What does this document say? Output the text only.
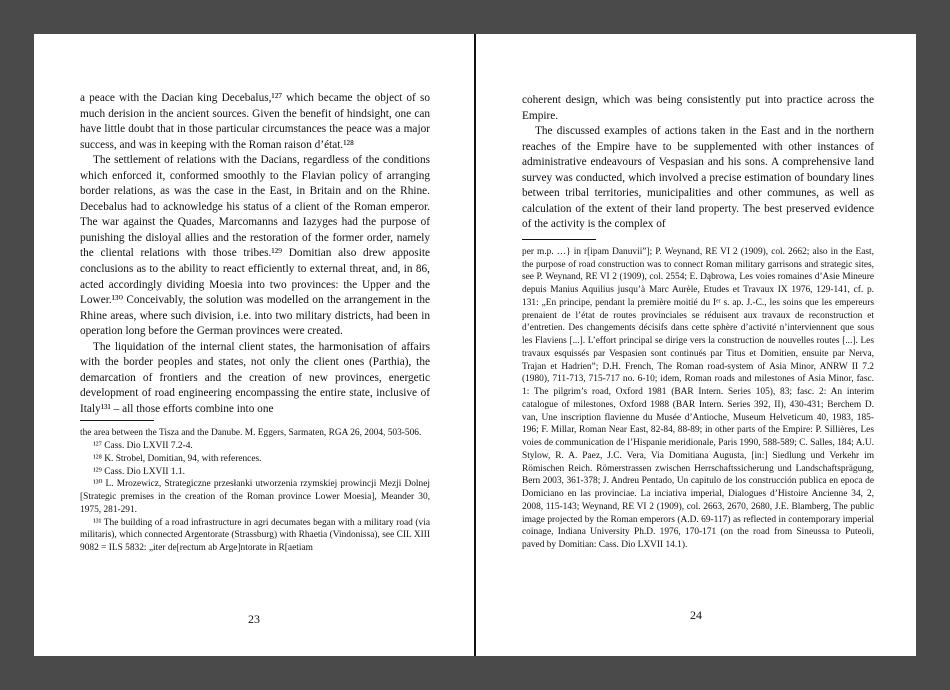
a peace with the Dacian king Decebalus,¹²⁷ which became the object of so much derision in the ancient sources. Given the benefit of hindsight, one can have little doubt that in those particular circumstances the peace was a major success, and was in keeping with the Roman raison d’état.¹²⁸

The settlement of relations with the Dacians, regardless of the conditions which enforced it, conformed smoothly to the Flavian policy of arranging border relations, as was the case in the East, in Britain and on the Rhine. Decebalus had to acknowledge his status of a client of the Roman emperor. The war against the Quades, Marcomanns and Iazyges had the purpose of punishing the disloyal allies and the restoration of the former order, namely the cliental relations with those tribes.¹²⁹ Domitian also drew apposite conclusions as to the ability to react efficiently to external threat, and, in 86, acted accordingly dividing Moesia into two provinces: the Upper and the Lower.¹³⁰ Conceivably, the solution was modelled on the arrangement in the Rhine areas, where such division, i.e. into two military districts, had been in operation long before the German provinces were created.

The liquidation of the internal client states, the harmonisation of affairs with the border peoples and states, not only the client ones (Parthia), the demarcation of frontiers and the creation of new provinces, energetic development of road engineering encompassing the entire state, inclusive of Italy¹³¹ – all those efforts combine into one

the area between the Tisza and the Danube. M. Eggers, Sarmaten, RGA 26, 2004, 503-506.

¹²⁷ Cass. Dio LXVII 7.2-4.

¹²⁸ K. Strobel, Domitian, 94, with references.

¹²⁹ Cass. Dio LXVII 1.1.

¹³⁰ L. Mrozewicz, Strategiczne przesłanki utworzenia rzymskiej prowincji Mezji Dolnej [Strategic premises in the creation of the Roman province Lower Moesia], Meander 30, 1975, 281-291.

¹³¹ The building of a road infrastructure in agri decumates began with a military road (via militaris), which connected Argentorate (Strassburg) with Rhaetia (Vindonissa), see CIL XIII 9082 = ILS 5832: „iter de[rectum ab Arge]ntorate in R[aetiam

23

coherent design, which was being consistently put into practice across the Empire.

The discussed examples of actions taken in the East and in the northern reaches of the Empire have to be supplemented with other instances of administrative endeavours of Vespasian and his sons. A comprehensive land survey was conducted, which involved a precise estimation of boundary lines between tribal territories, municipalities and other communes, as well as calculation of the extent of their land property. The best preserved evidence of the activity is the complex of

per m.p. …} in r[ipam Danuvii”]; P. Weynand, RE VI 2 (1909), col. 2662; also in the East, the purpose of road construction was to connect Roman military garrisons and strategic sites, see P. Weynand, RE VI 2 (1909), col. 2554; E. Dąbrowa, Les voies romaines d’Asie Mineure depuis Manius Aquilius jusqu’à Marc Aurèle, Etudes et Travaux IX 1976, 129-141, cf. p. 131: „En principe, pendant la première moitié du Iᵉʳ s. ap. J.-C., les soins que les empereurs prenaient de l’état de routes provinciales se réduisent aux travaux de reconstruction et d’entretien. Des changements décisifs dans cette sphère d’activité n’interviennent que sous les Flaviens [...]. L’effort principal se dirige vers la construction de nouvelles routes [...]. Les travaux esquissés par Vespasien sont continués par Titus et Domitien, ensuite par Nerva, Trajan et Hadrien”; D.H. French, The Roman road-system of Asia Minor, ANRW II 7.2 (1980), 711-713, 715-717 no. 6-10; idem, Roman roads and milestones of Asia Minor, fasc. 1: The pilgrim’s road, Oxford 1981 (BAR Intern. Series 105), 83; fasc. 2: An interim catalogue of milestones, Oxford 1988 (BAR Intern. Series 392, II), 430-431; Berchem D. van, Une inscription flavienne du Musée d’Antioche, Museum Helveticum 40, 1983, 185-196; F. Millar, Roman Near East, 82-84, 88-89; in other parts of the Empire: P. Sillières, Les voies de communication de l’Hispanie meridionale, Paris 1990, 588-589; C. Salles, 184; A.U. Stylow, R. A. Paez, J.C. Vera, Via Domitiana Augusta, [in:] Siedlung und Verkehr im Römischen Reich. Römerstrassen zwischen Herrschaftssicherung und Landschaftsprägung, Bern 2003, 361-378; J. Andreu Pentado, Un capitulo de los construcción publica en epoca de Domiciano en las provinciae. La inciativa imperial, Dialogues d’Histoire Ancienne 34, 2, 2008, 115-143; Weynand, RE VI 2 (1909), col. 2663, 2670, 2680, J.E. Blamberg, The public image projected by the Roman emperors (A.D. 69-117) as reflected in contemporary imperial coinage, Indiana University Ph.D. 1976, 170-171 (on the road from Sineussa to Puteoli, paved by Domitian: Cass. Dio LXVII 14.1).

24
